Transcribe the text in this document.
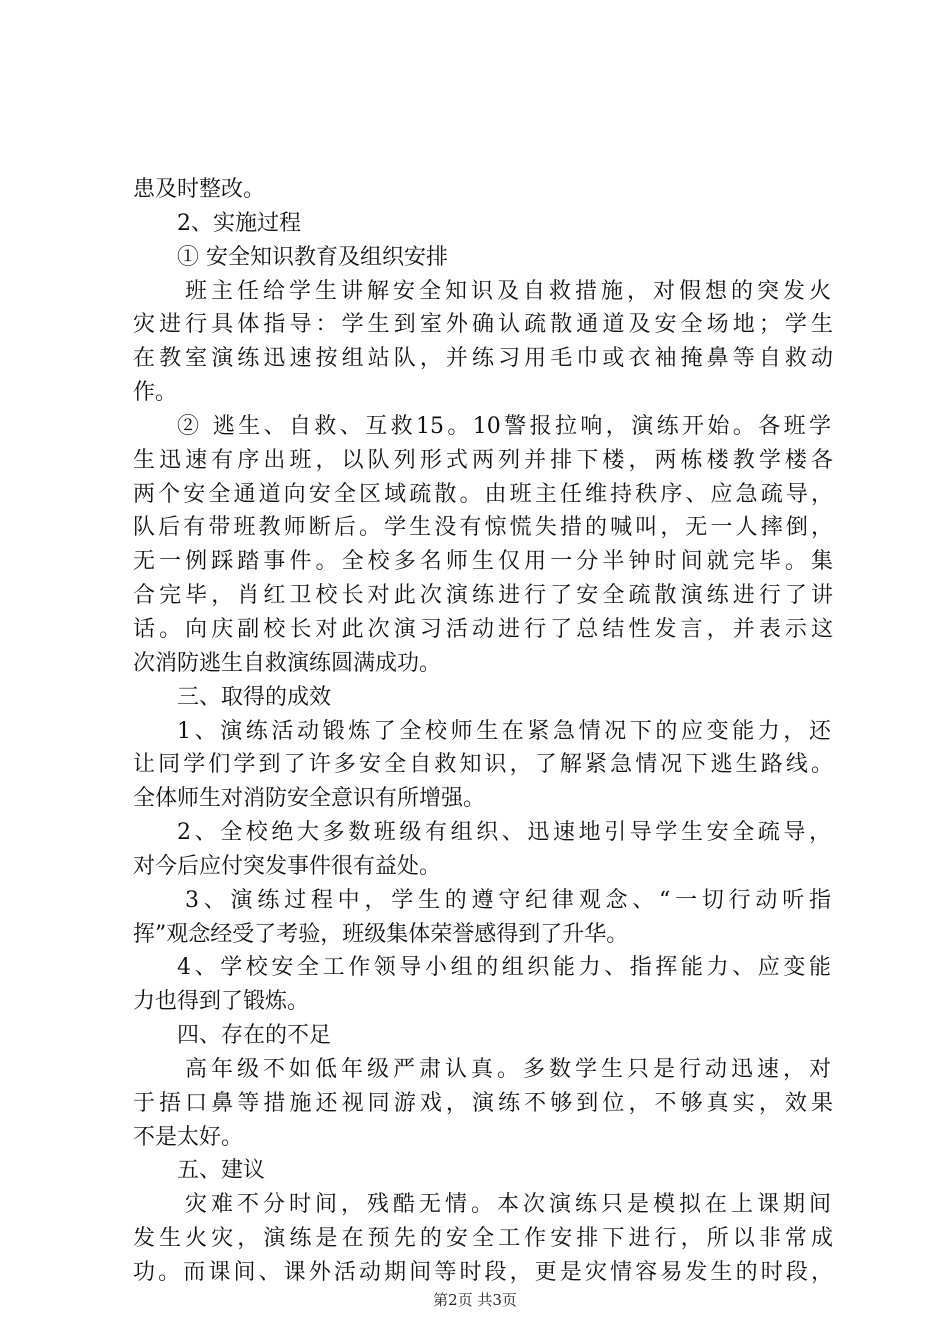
患及时整改。
2、实施过程
① 安全知识教育及组织安排
班主任给学生讲解安全知识及自救措施，对假想的突发火
灾进行具体指导：学生到室外确认疏散通道及安全场地；学生
在教室演练迅速按组站队，并练习用毛巾或衣袖掩鼻等自救动
作。
② 逃生、自救、互救15。10警报拉响，演练开始。各班学
生迅速有序出班，以队列形式两列并排下楼，两栋楼教学楼各
两个安全通道向安全区域疏散。由班主任维持秩序、应急疏导，
队后有带班教师断后。学生没有惊慌失措的喊叫，无一人摔倒，
无一例踩踏事件。全校多名师生仅用一分半钟时间就完毕。集
合完毕，肖红卫校长对此次演练进行了安全疏散演练进行了讲
话。向庆副校长对此次演习活动进行了总结性发言，并表示这
次消防逃生自救演练圆满成功。
三、取得的成效
1、演练活动锻炼了全校师生在紧急情况下的应变能力，还
让同学们学到了许多安全自救知识，了解紧急情况下逃生路线。
全体师生对消防安全意识有所增强。
2、全校绝大多数班级有组织、迅速地引导学生安全疏导，
对今后应付突发事件很有益处。
3、演练过程中，学生的遵守纪律观念、“一切行动听指
挥”观念经受了考验，班级集体荣誉感得到了升华。
4、学校安全工作领导小组的组织能力、指挥能力、应变能
力也得到了锻炼。
四、存在的不足
高年级不如低年级严肃认真。多数学生只是行动迅速，对
于捂口鼻等措施还视同游戏，演练不够到位，不够真实，效果
不是太好。
五、建议
灾难不分时间，残酷无情。本次演练只是模拟在上课期间
发生火灾，演练是在预先的安全工作安排下进行，所以非常成
功。而课间、课外活动期间等时段，更是灾情容易发生的时段，
第2页 共3页
